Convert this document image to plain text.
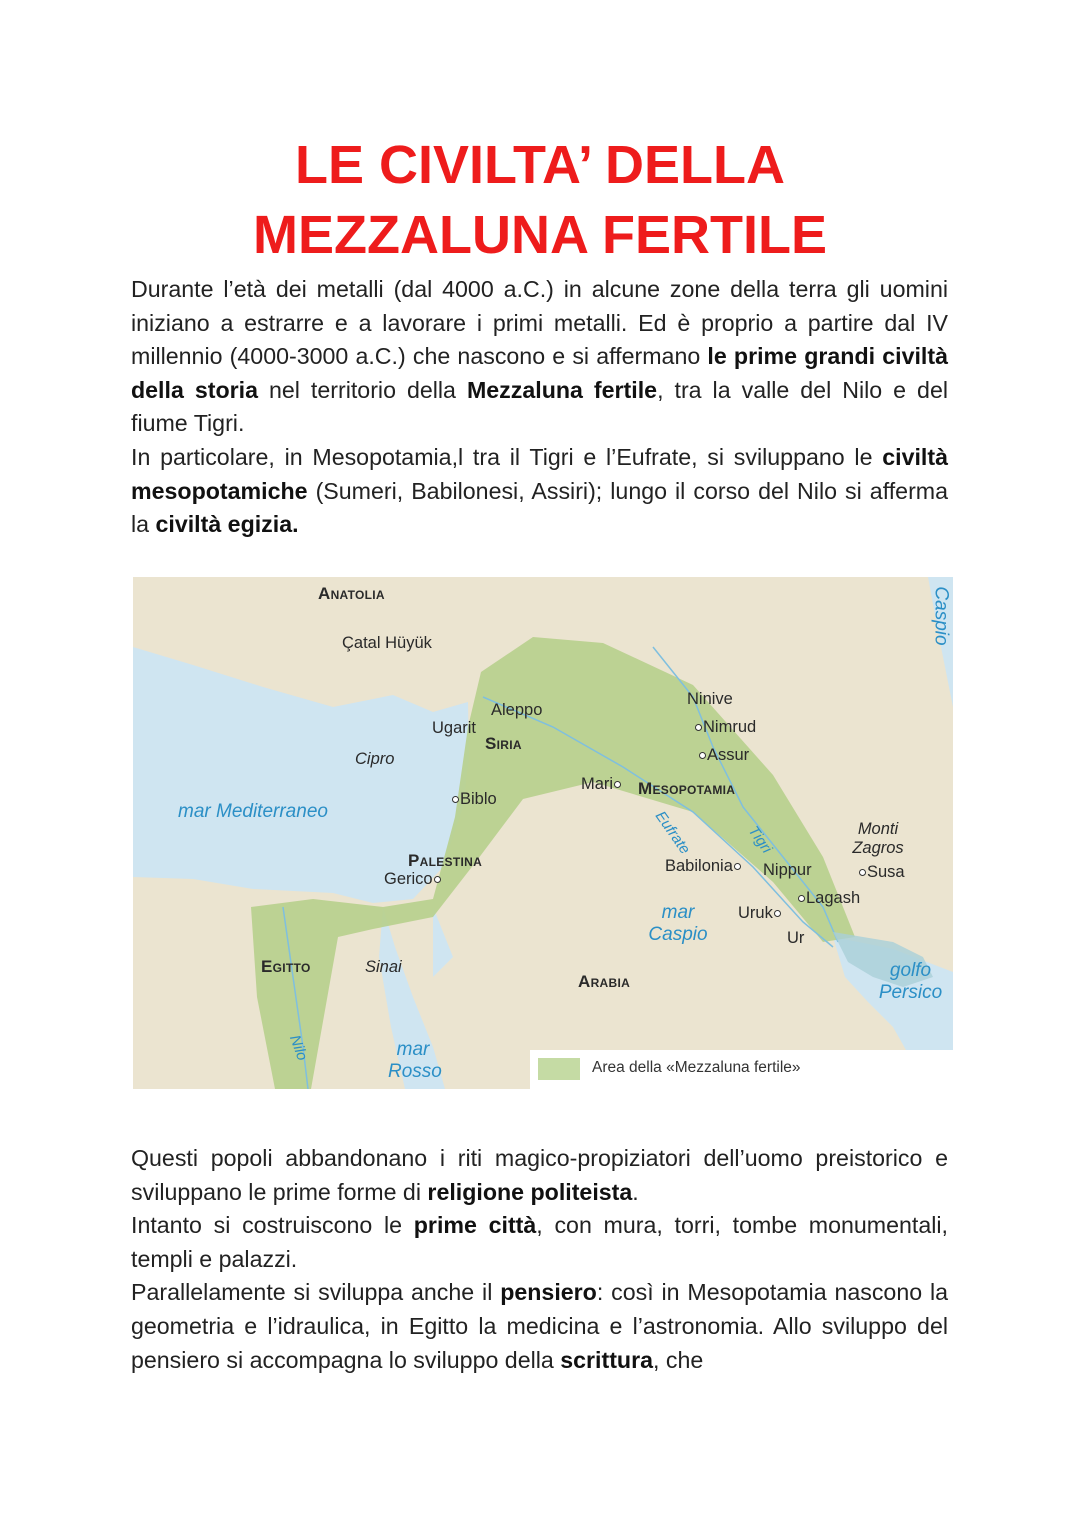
LE CIVILTA’ DELLA
MEZZALUNA FERTILE
Durante l’età dei metalli (dal 4000 a.C.) in alcune zone della terra gli uomini iniziano a estrarre e a lavorare i primi metalli. Ed è proprio a partire dal IV millennio (4000-3000 a.C.) che nascono e si affermano le prime grandi civiltà della storia nel territorio della Mezzaluna fertile, tra la valle del Nilo e del fiume Tigri.
In particolare, in Mesopotamia,l tra il Tigri e l’Eufrate, si sviluppano le civiltà mesopotamiche (Sumeri, Babilonesi, Assiri); lungo il corso del Nilo si afferma la civiltà egizia.
Anatolia
Siria
Mesopotamia
Palestina
Egitto
Arabia
Çatal Hüyük
Aleppo
Ugarit
Biblo
Gerico
Ninive
Nimrud
Assur
Mari
Babilonia	Nippur	Susa
Lagash
Uruk
Ur
Cipro
Sinai
Monti Zagros
mar Mediterraneo
mar Rosso
mar Caspio
golfo Persico
Caspio
Nilo
Eufrate	Tigri
Area della «Mezzaluna fertile»
Questi popoli abbandonano i riti magico-propiziatori dell’uomo preistorico e sviluppano le prime forme di religione politeista.
Intanto si costruiscono le prime città, con mura, torri, tombe monumentali, templi e palazzi.
Parallelamente si sviluppa anche il pensiero: così in Mesopotamia nascono la geometria e l’idraulica, in Egitto la medicina e l’astronomia. Allo sviluppo del pensiero si accompagna lo sviluppo della scrittura, che
